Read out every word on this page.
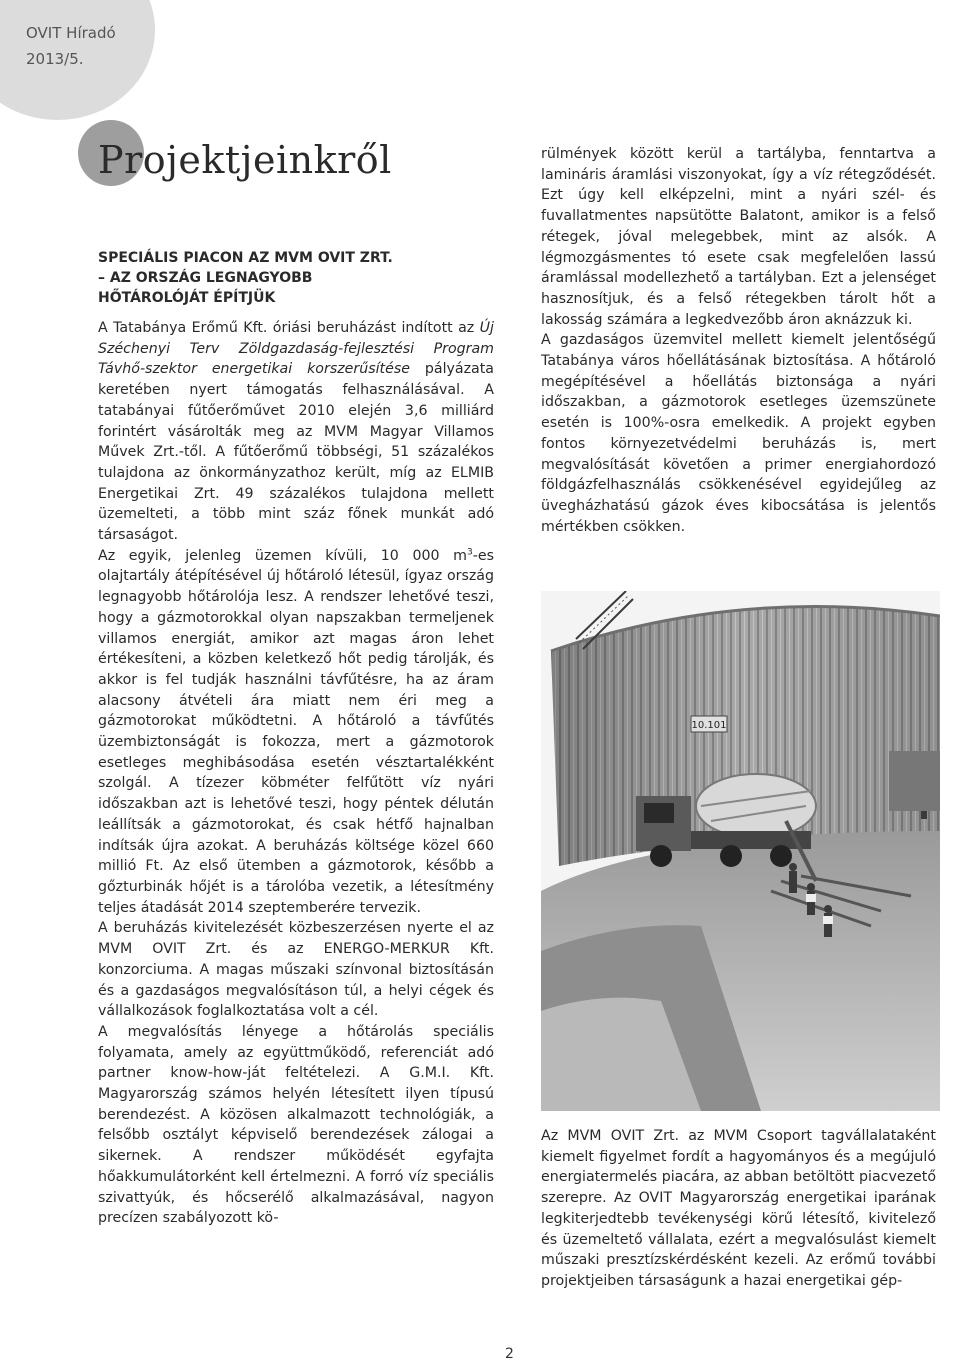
OVIT Híradó
2013/5.
Projektjeinkről
SPECIÁLIS PIACON AZ MVM OVIT ZRT.
– AZ ORSZÁG LEGNAGYOBB
HŐTÁROLÓJÁT ÉPÍTJÜK

A Tatabánya Erőmű Kft. óriási beruházást indított az Új Széchenyi Terv Zöldgazdaság-fejlesztési Program Távhő-szektor energetikai korszerűsítése pályázata keretében nyert támogatás felhasználásával. A tatabányai fűtőerőművet 2010 elején 3,6 milliárd forintért vásárolták meg az MVM Magyar Villamos Művek Zrt.-től. A fűtőerőmű többségi, 51 százalékos tulajdona az önkormányzathoz került, míg az ELMIB Energetikai Zrt. 49 százalékos tulajdona mellett üzemelteti, a több mint száz főnek munkát adó társaságot.

Az egyik, jelenleg üzemen kívüli, 10 000 $m^3-es$ olajtartály átépítésével új hőtároló létesül, ígyaz ország legnagyobb hőtárolója lesz. A rendszer lehetővé teszi, hogy a gázmotorokkal olyan napszakban termeljenek villamos energiát, amikor azt magas áron lehet értékesíteni, a közben keletkező hőt pedig tárolják, és akkor is fel tudják használni távfűtésre, ha az áram alacsony átvételi ára miatt nem éri meg a gázmotorokat működtetni. A hőtároló a távfűtés üzembiztonságát is fokozza, mert a gázmotorok esetleges meghibásodása esetén vésztartalékként szolgál. A tízezer köbméter felfűtött víz nyári időszakban azt is lehetővé teszi, hogy péntek délután leállítsák a gázmotorokat, és csak hétfő hajnalban indítsák újra azokat. A beruházás költsége közel 660 millió Ft. Az első ütemben a gázmotorok, később a gőzturbinák hőjét is a tárolóba vezetik, a létesítmény teljes átadását 2014 szeptemberére tervezik.

A beruházás kivitelezését közbeszerzésen nyerte el az MVM OVIT Zrt. és az ENERGO-MERKUR Kft. konzorciuma. A magas műszaki színvonal biztosításán és a gazdaságos megvalósításon túl, a helyi cégek és vállalkozások foglalkoztatása volt a cél.

A megvalósítás lényege a hőtárolás speciális folyamata, amely az együttműködő, referenciát adó partner know-how-ját feltételezi. A G.M.I. Kft. Magyarország számos helyén létesített ilyen típusú berendezést. A közösen alkalmazott technológiák, a felsőbb osztályt képviselő berendezések zálogai a sikernek. A rendszer működését egyfajta hőakkumulátorként kell értelmezni. A forró víz speciális szivattyúk, és hőcserélő alkalmazásával, nagyon precízen szabályozott kö-

rülmények között kerül a tartályba, fenntartva a lamináris áramlási viszonyokat, így a víz rétegződését. Ezt úgy kell elképzelni, mint a nyári szél- és fuvallatmentes napsütötte Balatont, amikor is a felső rétegek, jóval melegebbek, mint az alsók. A légmozgásmentes tó esete csak megfelelően lassú áramlással modellezhető a tartályban. Ezt a jelenséget hasznosítjuk, és a felső rétegekben tárolt hőt a lakosság számára a legkedvezőbb áron aknázzuk ki.

A gazdaságos üzemvitel mellett kiemelt jelentőségű Tatabánya város hőellátásának biztosítása. A hőtároló megépítésével a hőellátás biztonsága a nyári időszakban, a gázmotorok esetleges üzemszünete esetén is 100%-osra emelkedik. A projekt egyben fontos környezetvédelmi beruházás is, mert megvalósítását követően a primer energiahordozó földgázfelhasználás csökkenésével egyidejűleg az üvegházhatású gázok éves kibocsátása is jelentős mértékben csökken.

10.101

Az MVM OVIT Zrt. az MVM Csoport tagvállalataként kiemelt figyelmet fordít a hagyományos és a megújuló energiatermelés piacára, az abban betöltött piacvezető szerepre. Az OVIT Magyarország energetikai iparának legkiterjedtebb tevékenységi körű létesítő, kivitelező és üzemeltető vállalata, ezért a megvalósulást kiemelt műszaki presztízskérdésként kezeli. Az erőmű további projektjeiben társaságunk a hazai energetikai gép-

2
